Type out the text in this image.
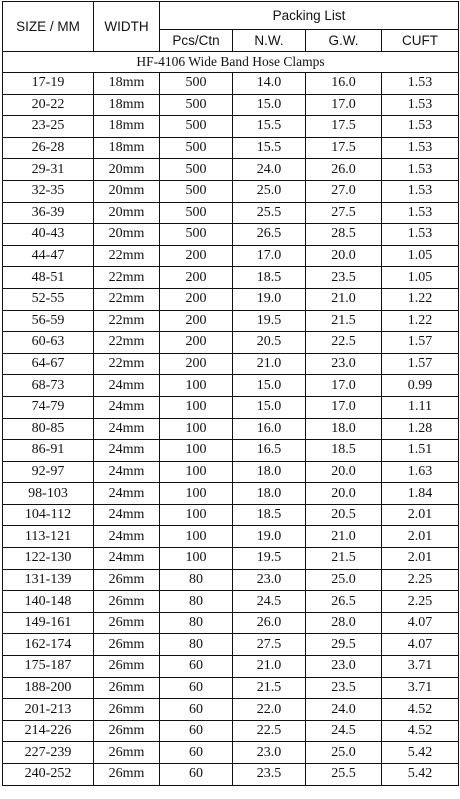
SIZE / MM	WIDTH	Packing List			
		Pcs/Ctn	N.W.	G.W.	CUFT
HF-4106 Wide Band Hose Clamps					
17-19	18mm	500	14.0	16.0	1.53
20-22	18mm	500	15.0	17.0	1.53
23-25	18mm	500	15.5	17.5	1.53
26-28	18mm	500	15.5	17.5	1.53
29-31	20mm	500	24.0	26.0	1.53
32-35	20mm	500	25.0	27.0	1.53
36-39	20mm	500	25.5	27.5	1.53
40-43	20mm	500	26.5	28.5	1.53
44-47	22mm	200	17.0	20.0	1.05
48-51	22mm	200	18.5	23.5	1.05
52-55	22mm	200	19.0	21.0	1.22
56-59	22mm	200	19.5	21.5	1.22
60-63	22mm	200	20.5	22.5	1.57
64-67	22mm	200	21.0	23.0	1.57
68-73	24mm	100	15.0	17.0	0.99
74-79	24mm	100	15.0	17.0	1.11
80-85	24mm	100	16.0	18.0	1.28
86-91	24mm	100	16.5	18.5	1.51
92-97	24mm	100	18.0	20.0	1.63
98-103	24mm	100	18.0	20.0	1.84
104-112	24mm	100	18.5	20.5	2.01
113-121	24mm	100	19.0	21.0	2.01
122-130	24mm	100	19.5	21.5	2.01
131-139	26mm	80	23.0	25.0	2.25
140-148	26mm	80	24.5	26.5	2.25
149-161	26mm	80	26.0	28.0	4.07
162-174	26mm	80	27.5	29.5	4.07
175-187	26mm	60	21.0	23.0	3.71
188-200	26mm	60	21.5	23.5	3.71
201-213	26mm	60	22.0	24.0	4.52
214-226	26mm	60	22.5	24.5	4.52
227-239	26mm	60	23.0	25.0	5.42
240-252	26mm	60	23.5	25.5	5.42
